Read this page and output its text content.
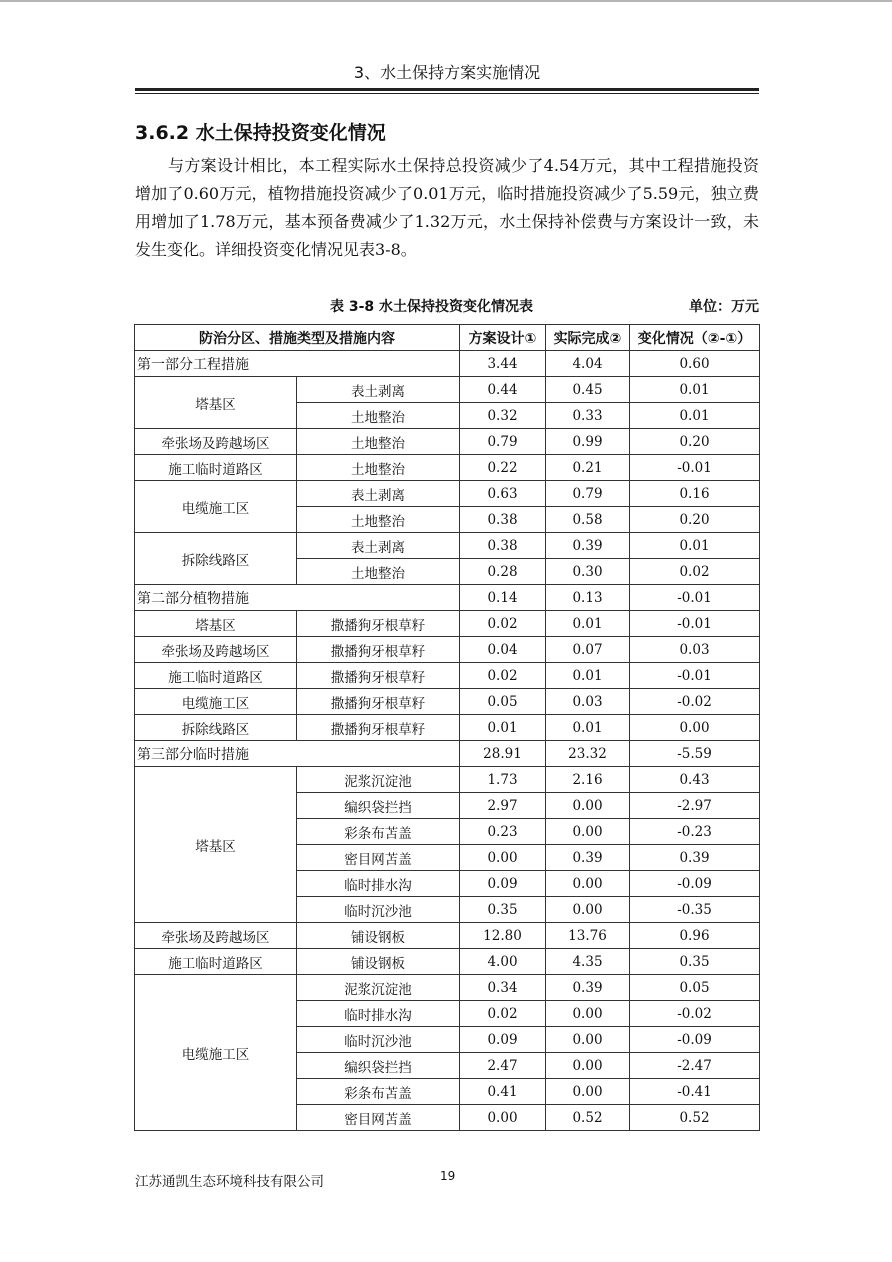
3、水土保持方案实施情况
3.6.2 水土保持投资变化情况
与方案设计相比，本工程实际水土保持总投资减少了4.54万元，其中工程措施投资增加了0.60万元，植物措施投资减少了0.01万元，临时措施投资减少了5.59元，独立费用增加了1.78万元，基本预备费减少了1.32万元，水土保持补偿费与方案设计一致，未发生变化。详细投资变化情况见表3-8。
表 3-8 水土保持投资变化情况表	单位：万元
防治分区、措施类型及措施内容		方案设计①	实际完成②	变化情况（②-①）
第一部分工程措施		3.44	4.04	0.60
塔基区	表土剥离	0.44	0.45	0.01
	土地整治	0.32	0.33	0.01
牵张场及跨越场区	土地整治	0.79	0.99	0.20
施工临时道路区	土地整治	0.22	0.21	-0.01
电缆施工区	表土剥离	0.63	0.79	0.16
	土地整治	0.38	0.58	0.20
拆除线路区	表土剥离	0.38	0.39	0.01
	土地整治	0.28	0.30	0.02
第二部分植物措施		0.14	0.13	-0.01
塔基区	撒播狗牙根草籽	0.02	0.01	-0.01
牵张场及跨越场区	撒播狗牙根草籽	0.04	0.07	0.03
施工临时道路区	撒播狗牙根草籽	0.02	0.01	-0.01
电缆施工区	撒播狗牙根草籽	0.05	0.03	-0.02
拆除线路区	撒播狗牙根草籽	0.01	0.01	0.00
第三部分临时措施		28.91	23.32	-5.59
塔基区	泥浆沉淀池	1.73	2.16	0.43
	编织袋拦挡	2.97	0.00	-2.97
	彩条布苫盖	0.23	0.00	-0.23
	密目网苫盖	0.00	0.39	0.39
	临时排水沟	0.09	0.00	-0.09
	临时沉沙池	0.35	0.00	-0.35
牵张场及跨越场区	铺设钢板	12.80	13.76	0.96
施工临时道路区	铺设钢板	4.00	4.35	0.35
电缆施工区	泥浆沉淀池	0.34	0.39	0.05
	临时排水沟	0.02	0.00	-0.02
	临时沉沙池	0.09	0.00	-0.09
	编织袋拦挡	2.47	0.00	-2.47
	彩条布苫盖	0.41	0.00	-0.41
	密目网苫盖	0.00	0.52	0.52
江苏通凯生态环境科技有限公司	19
